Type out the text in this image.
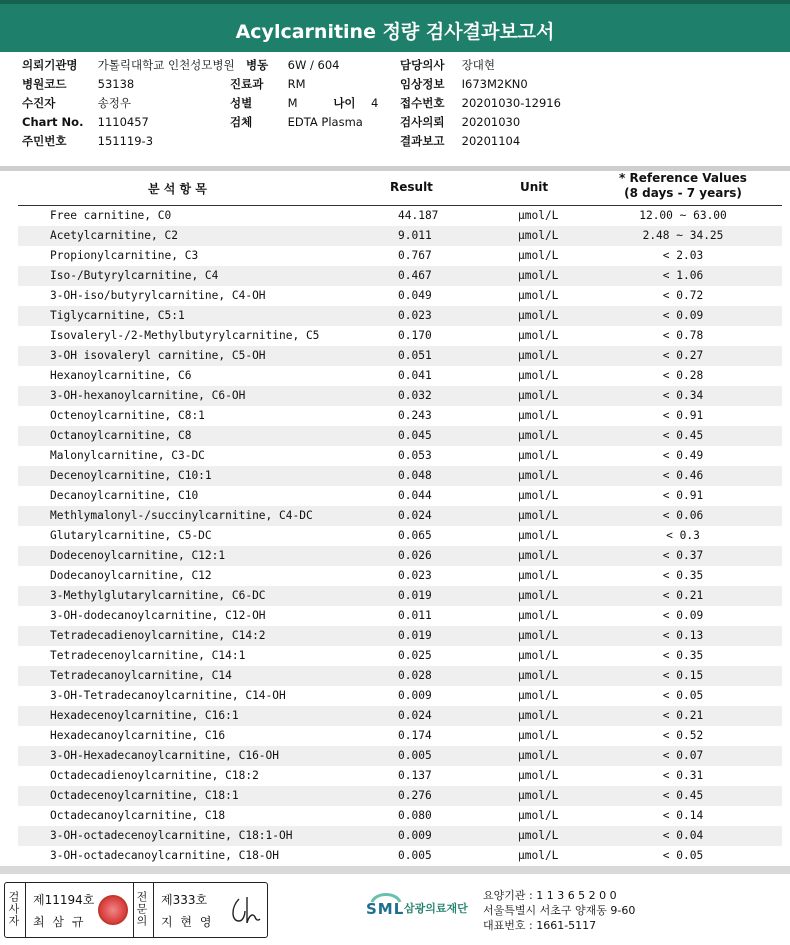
Acylcarnitine 정량 검사결과보고서
의뢰기관명 가톨릭대학교 인천성모병원 병동 6W / 604	담당의사 장대현
병원코드	53138	진료과 RM	임상정보 I673M2KN0
수진자	송정우	성별	M	나이 4 접수번호 20201030-12916
Chart No. 1110457	검체	EDTA Plasma	검사의뢰 20201030
주민번호	151119-3	결과보고 20201104
분 석 항 목	Result	Unit
* Reference Values
(8 days - 7 years)
Free carnitine, C0	44.187	μmol/L	12.00 ~ 63.00
Acetylcarnitine, C2	9.011	μmol/L	2.48 ~ 34.25
Propionylcarnitine, C3	0.767	μmol/L	< 2.03
Iso-/Butyrylcarnitine, C4	0.467	μmol/L	< 1.06
3-OH-iso/butyrylcarnitine, C4-OH	0.049	μmol/L	< 0.72
Tiglycarnitine, C5:1	0.023	μmol/L	< 0.09
Isovaleryl-/2-Methylbutyrylcarnitine, C5	0.170	μmol/L	< 0.78
3-OH isovaleryl carnitine, C5-OH	0.051	μmol/L	< 0.27
Hexanoylcarnitine, C6	0.041	μmol/L	< 0.28
3-OH-hexanoylcarnitine, C6-OH	0.032	μmol/L	< 0.34
Octenoylcarnitine, C8:1	0.243	μmol/L	< 0.91
Octanoylcarnitine, C8	0.045	μmol/L	< 0.45
Malonylcarnitine, C3-DC	0.053	μmol/L	< 0.49
Decenoylcarnitine, C10:1	0.048	μmol/L	< 0.46
Decanoylcarnitine, C10	0.044	μmol/L	< 0.91
Methlymalonyl-/succinylcarnitine, C4-DC	0.024	μmol/L	< 0.06
Glutarylcarnitine, C5-DC	0.065	μmol/L	< 0.3
Dodecenoylcarnitine, C12:1	0.026	μmol/L	< 0.37
Dodecanoylcarnitine, C12	0.023	μmol/L	< 0.35
3-Methylglutarylcarnitine, C6-DC	0.019	μmol/L	< 0.21
3-OH-dodecanoylcarnitine, C12-OH	0.011	μmol/L	< 0.09
Tetradecadienoylcarnitine, C14:2	0.019	μmol/L	< 0.13
Tetradecenoylcarnitine, C14:1	0.025	μmol/L	< 0.35
Tetradecanoylcarnitine, C14	0.028	μmol/L	< 0.15
3-OH-Tetradecanoylcarnitine, C14-OH	0.009	μmol/L	< 0.05
Hexadecenoylcarnitine, C16:1	0.024	μmol/L	< 0.21
Hexadecanoylcarnitine, C16	0.174	μmol/L	< 0.52
3-OH-Hexadecanoylcarnitine, C16-OH	0.005	μmol/L	< 0.07
Octadecadienoylcarnitine, C18:2	0.137	μmol/L	< 0.31
Octadecenoylcarnitine, C18:1	0.276	μmol/L	< 0.45
Octadecanoylcarnitine, C18	0.080	μmol/L	< 0.14
3-OH-octadecenoylcarnitine, C18:1-OH	0.009	μmol/L	< 0.04
3-OH-octadecanoylcarnitine, C18-OH	0.005	μmol/L	< 0.05
검사자 제11194호
최 삼 규	전문의 제333호
지 현 영
SML 삼광의료재단
요양기관 : 1 1 3 6 5 2 0 0
서울특별시 서초구 양재동 9-60
대표번호 : 1661-5117
